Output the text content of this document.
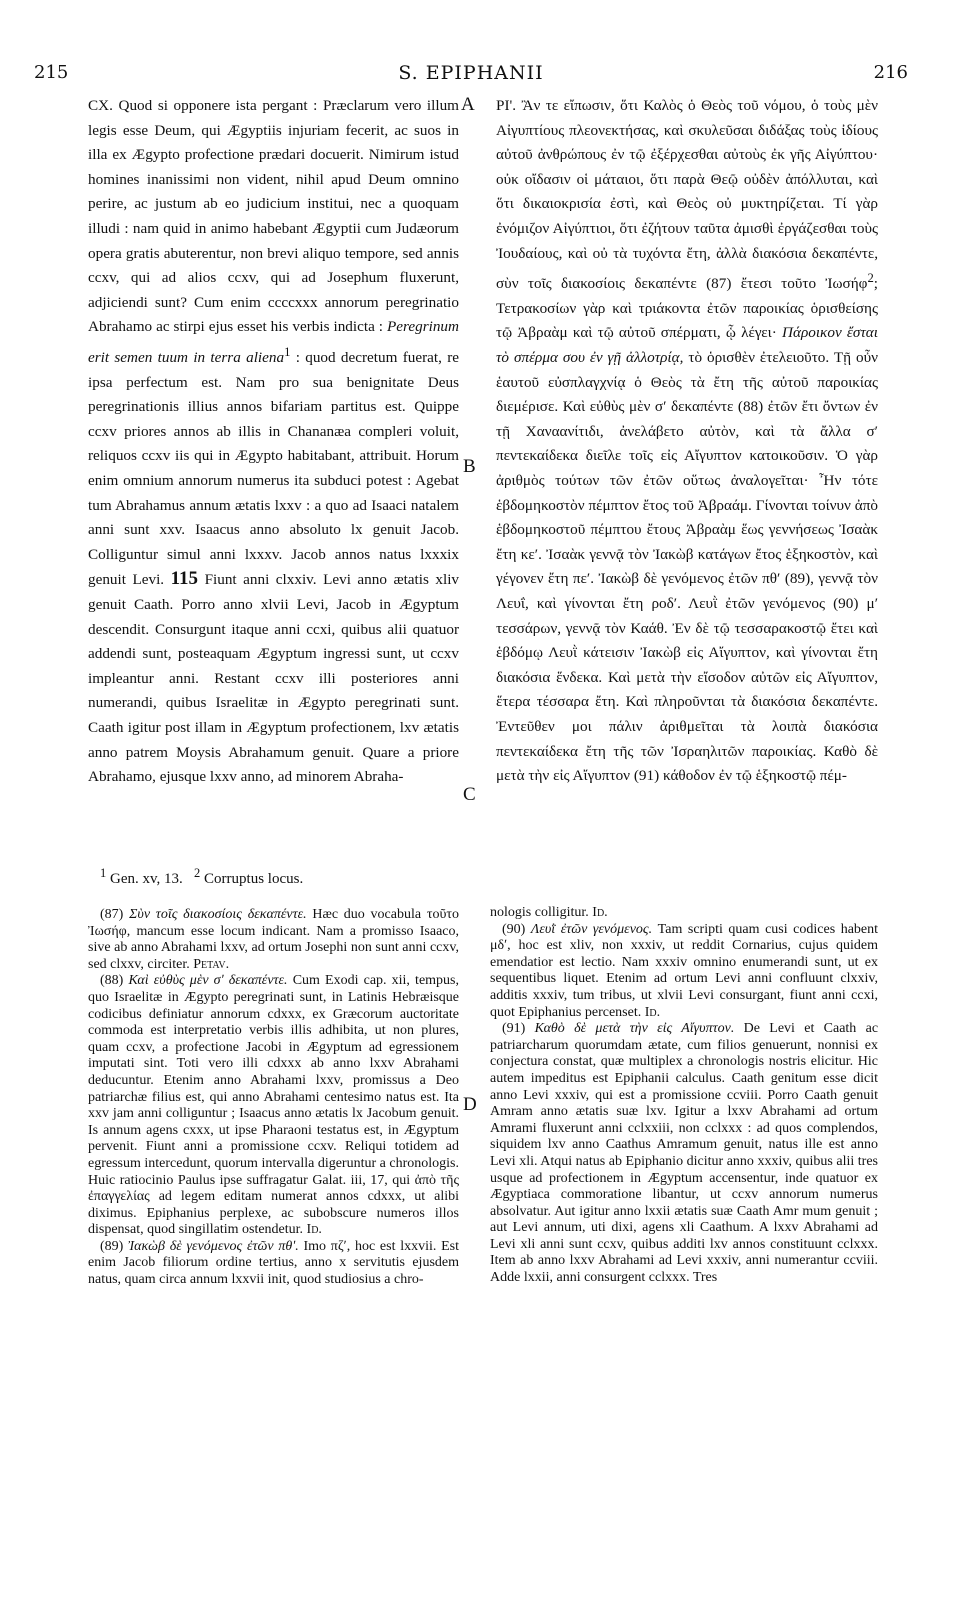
215	S. EPIPHANII	216

CX. Quod si opponere ista pergant : Præclarum vero illum legis esse Deum, qui Ægyptiis injuriam fecerit, ac suos in illa ex Ægypto profectione prædari docuerit. Nimirum istud homines inanissimi non vident, nihil apud Deum omnino perire, ac justum ab eo judicium institui, nec a quoquam illudi : nam quid in animo habebant Ægyptii cum Judæorum opera gratis abuterentur, non brevi aliquo tempore, sed annis ccxv, qui ad alios ccxv, qui ad Josephum fluxerunt, adjiciendi sunt? Cum enim ccccxxx annorum peregrinatio Abrahamo ac stirpi ejus esset his verbis indicta : Peregrinum erit semen tuum in terra aliena$^1$ : quod decretum fuerat, re ipsa perfectum est. Nam pro sua benignitate Deus peregrinationis illius annos bifariam partitus est. Quippe ccxv priores annos ab illis in Chananæa compleri voluit, reliquos ccxv iis qui in Ægypto habitabant, attribuit. Horum enim omnium annorum numerus ita subduci potest : Agebat tum Abrahamus annum ætatis lxxv : a quo ad Isaaci natalem anni sunt xxv. Isaacus anno absoluto lx genuit Jacob. Colliguntur simul anni lxxxv. Jacob annos natus lxxxix genuit Levi. 115 Fiunt anni clxxiv. Levi anno ætatis xliv genuit Caath. Porro anno xlvii Levi, Jacob in Ægyptum descendit. Consurgunt itaque anni ccxi, quibus alii quatuor addendi sunt, posteaquam Ægyptum ingressi sunt, ut ccxv impleantur anni. Restant ccxv illi posteriores anni numerandi, quibus Israelitæ in Ægypto peregrinati sunt. Caath igitur post illam in Ægyptum profectionem, lxv ætatis anno patrem Moysis Abrahamum genuit. Quare a priore Abrahamo, ejusque lxxv anno, ad minorem Abraha-

A
B
C
D

ΡΙ'. Ἂν τε εἴπωσιν, ὅτι Καλὸς ὁ Θεὸς τοῦ νόμου, ὁ τοὺς μὲν Αἰγυπτίους πλεονεκτήσας, καὶ σκυλεῦσαι διδάξας τοὺς ἰδίους αὐτοῦ ἀνθρώπους ἐν τῷ ἐξέρχεσθαι αὐτοὺς ἐκ γῆς Αἰγύπτου· οὐκ οἴδασιν οἱ μάταιοι, ὅτι παρὰ Θεῷ οὐδὲν ἀπόλλυται, καὶ ὅτι δικαιοκρισία ἐστὶ, καὶ Θεὸς οὐ μυκτηρίζεται. Τί γὰρ ἐνόμιζον Αἰγύπτιοι, ὅτι ἐζήτουν ταῦτα ἀμισθὶ ἐργάζεσθαι τοὺς Ἰουδαίους, καὶ οὐ τὰ τυχόντα ἔτη, ἀλλὰ διακόσια δεκαπέντε, σὺν τοῖς διακοσίοις δεκαπέντε (87) ἔτεσι τοῦτο Ἰωσήφ$^2$; Τετρακοσίων γὰρ καὶ τριάκοντα ἐτῶν παροικίας ὁρισθείσης τῷ Ἀβραὰμ καὶ τῷ αὐτοῦ σπέρματι, ᾧ λέγει· Πάροικον ἔσται τὸ σπέρμα σου ἐν γῇ ἀλλοτρίᾳ, τὸ ὁρισθὲν ἐτελειοῦτο. Τῇ οὖν ἑαυτοῦ εὐσπλαγχνίᾳ ὁ Θεὸς τὰ ἔτη τῆς αὐτοῦ παροικίας διεμέρισε. Καὶ εὐθὺς μὲν σʹ δεκαπέντε (88) ἐτῶν ἔτι ὄντων ἐν τῇ Χαναανίτιδι, ἀνελάβετο αὐτὸν, καὶ τὰ ἄλλα σʹ πεντεκαίδεκα διεῖλε τοῖς εἰς Αἴγυπτον κατοικοῦσιν. Ὁ γὰρ ἀριθμὸς τούτων τῶν ἐτῶν οὕτως ἀναλογεῖται· Ἦν τότε ἑβδομηκοστὸν πέμπτον ἔτος τοῦ Ἀβραάμ. Γίνονται τοίνυν ἀπὸ ἑβδομηκοστοῦ πέμπτου ἔτους Ἀβραὰμ ἕως γεννήσεως Ἰσαὰκ ἔτη κεʹ. Ἰσαὰκ γεννᾷ τὸν Ἰακὼβ κατάγων ἔτος ἑξηκοστὸν, καὶ γέγονεν ἔτη πεʹ. Ἰακὼβ δὲ γενόμενος ἐτῶν πθʹ (89), γεννᾷ τὸν Λευΐ, καὶ γίνονται ἔτη ροδʹ. Λευῒ ἐτῶν γενόμενος (90) μʹ τεσσάρων, γεννᾷ τὸν Καάθ. Ἐν δὲ τῷ τεσσαρακοστῷ ἔτει καὶ ἑβδόμῳ Λευῒ κάτεισιν Ἰακὼβ εἰς Αἴγυπτον, καὶ γίνονται ἔτη διακόσια ἕνδεκα. Καὶ μετὰ τὴν εἴσοδον αὐτῶν εἰς Αἴγυπτον, ἕτερα τέσσαρα ἔτη. Καὶ πληροῦνται τὰ διακόσια δεκαπέντε. Ἐντεῦθεν μοι πάλιν ἀριθμεῖται τὰ λοιπὰ διακόσια πεντεκαίδεκα ἔτη τῆς τῶν Ἰσραηλιτῶν παροικίας. Καθὸ δὲ μετὰ τὴν εἰς Αἴγυπτον (91) κάθοδον ἐν τῷ ἑξηκοστῷ πέμ-

$^1$ Gen. xv, 13. $^2$ Corruptus locus.

(87) Σὺν τοῖς διακοσίοις δεκαπέντε. Hæc duo vocabula τοῦτο Ἰωσήφ, mancum esse locum indicant. Nam a promisso Isaaco, sive ab anno Abrahami lxxv, ad ortum Josephi non sunt anni ccxv, sed clxxv, circiter. Petav.

(88) Καὶ εὐθὺς μὲν σʹ δεκαπέντε. Cum Exodi cap. xii, tempus, quo Israelitæ in Ægypto peregrinati sunt, in Latinis Hebræisque codicibus definiatur annorum cdxxx, ex Græcorum auctoritate commoda est interpretatio verbis illis adhibita, ut non plures, quam ccxv, a profectione Jacobi in Ægyptum ad egressionem imputati sint. Toti vero illi cdxxx ab anno lxxv Abrahami deducuntur. Etenim anno Abrahami lxxv, promissus a Deo patriarchæ filius est, qui anno Abrahami centesimo natus est. Ita xxv jam anni colliguntur ; Isaacus anno ætatis lx Jacobum genuit. Is annum agens cxxx, ut ipse Pharaoni testatus est, in Ægyptum pervenit. Fiunt anni a promissione ccxv. Reliqui totidem ad egressum intercedunt, quorum intervalla digeruntur a chronologis. Huic ratiocinio Paulus ipse suffragatur Galat. iii, 17, qui ἀπὸ τῆς ἐπαγγελίας ad legem editam numerat annos cdxxx, ut alibi diximus. Epiphanius perplexe, ac subobscure numeros illos dispensat, quod singillatim ostendetur. Id.

(89) Ἰακὼβ δὲ γενόμενος ἐτῶν πθʹ. Imo πζʹ, hoc est lxxvii. Est enim Jacob filiorum ordine tertius, anno x servitutis ejusdem natus, quam circa annum lxxvii init, quod studiosius a chro-

nologis colligitur. Id.

(90) Λευῒ ἐτῶν γενόμενος. Tam scripti quam cusi codices habent μδʹ, hoc est xliv, non xxxiv, ut reddit Cornarius, cujus quidem emendatior est lectio. Nam xxxiv omnino enumerandi sunt, ut ex sequentibus liquet. Etenim ad ortum Levi anni confluunt clxxiv, additis xxxiv, tum tribus, ut xlvii Levi consurgant, fiunt anni ccxi, quot Epiphanius percenset. Id.

(91) Καθὸ δὲ μετὰ τὴν εἰς Αἴγυπτον. De Levi et Caath ac patriarcharum quorumdam ætate, cum filios genuerunt, nonnisi ex conjectura constat, quæ multiplex a chronologis nostris elicitur. Hic autem impeditus est Epiphanii calculus. Caath genitum esse dicit anno Levi xxxiv, qui est a promissione ccviii. Porro Caath genuit Amram anno ætatis suæ lxv. Igitur a lxxv Abrahami ad ortum Amrami fluxerunt anni cclxxiii, non cclxxx : ad quos complendos, siquidem lxv anno Caathus Amramum genuit, natus ille est anno Levi xli. Atqui natus ab Epiphanio dicitur anno xxxiv, quibus alii tres usque ad profectionem in Ægyptum accensentur, inde quatuor ex Ægyptiaca commoratione libantur, ut ccxv annorum numerus absolvatur. Aut igitur anno lxxii ætatis suæ Caath Amr mum genuit ; aut Levi annum, uti dixi, agens xli Caathum. A lxxv Abrahami ad Levi xli anni sunt ccxv, quibus additi lxv annos constituunt cclxxx. Item ab anno lxxv Abrahami ad Levi xxxiv, anni numerantur ccviii. Adde lxxii, anni consurgent cclxxx. Tres
